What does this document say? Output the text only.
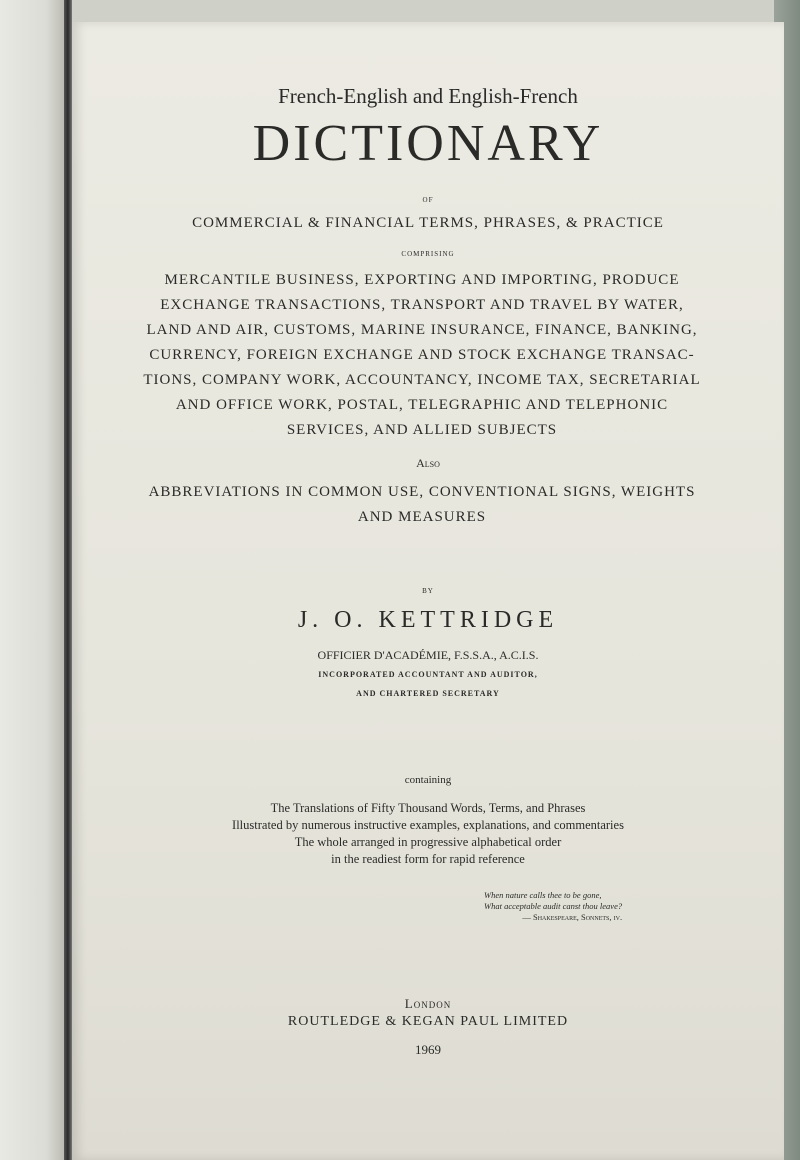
French-English and English-French
DICTIONARY
of
COMMERCIAL & FINANCIAL TERMS, PHRASES, & PRACTICE
comprising
MERCANTILE BUSINESS, EXPORTING AND IMPORTING, PRODUCE
EXCHANGE TRANSACTIONS, TRANSPORT AND TRAVEL BY WATER,
LAND AND AIR, CUSTOMS, MARINE INSURANCE, FINANCE, BANKING,
CURRENCY, FOREIGN EXCHANGE AND STOCK EXCHANGE TRANSAC-
TIONS, COMPANY WORK, ACCOUNTANCY, INCOME TAX, SECRETARIAL
AND OFFICE WORK, POSTAL, TELEGRAPHIC AND TELEPHONIC
SERVICES, AND ALLIED SUBJECTS
Also
ABBREVIATIONS IN COMMON USE, CONVENTIONAL SIGNS, WEIGHTS
AND MEASURES
by
J. O. KETTRIDGE
OFFICIER D'ACADÉMIE, F.S.S.A., A.C.I.S.
INCORPORATED ACCOUNTANT AND AUDITOR,
AND CHARTERED SECRETARY
containing
The Translations of Fifty Thousand Words, Terms, and Phrases
Illustrated by numerous instructive examples, explanations, and commentaries
The whole arranged in progressive alphabetical order
in the readiest form for rapid reference
When nature calls thee to be gone,
What acceptable audit canst thou leave?
— Shakespeare, Sonnets, iv.
London
ROUTLEDGE & KEGAN PAUL LIMITED
1969
